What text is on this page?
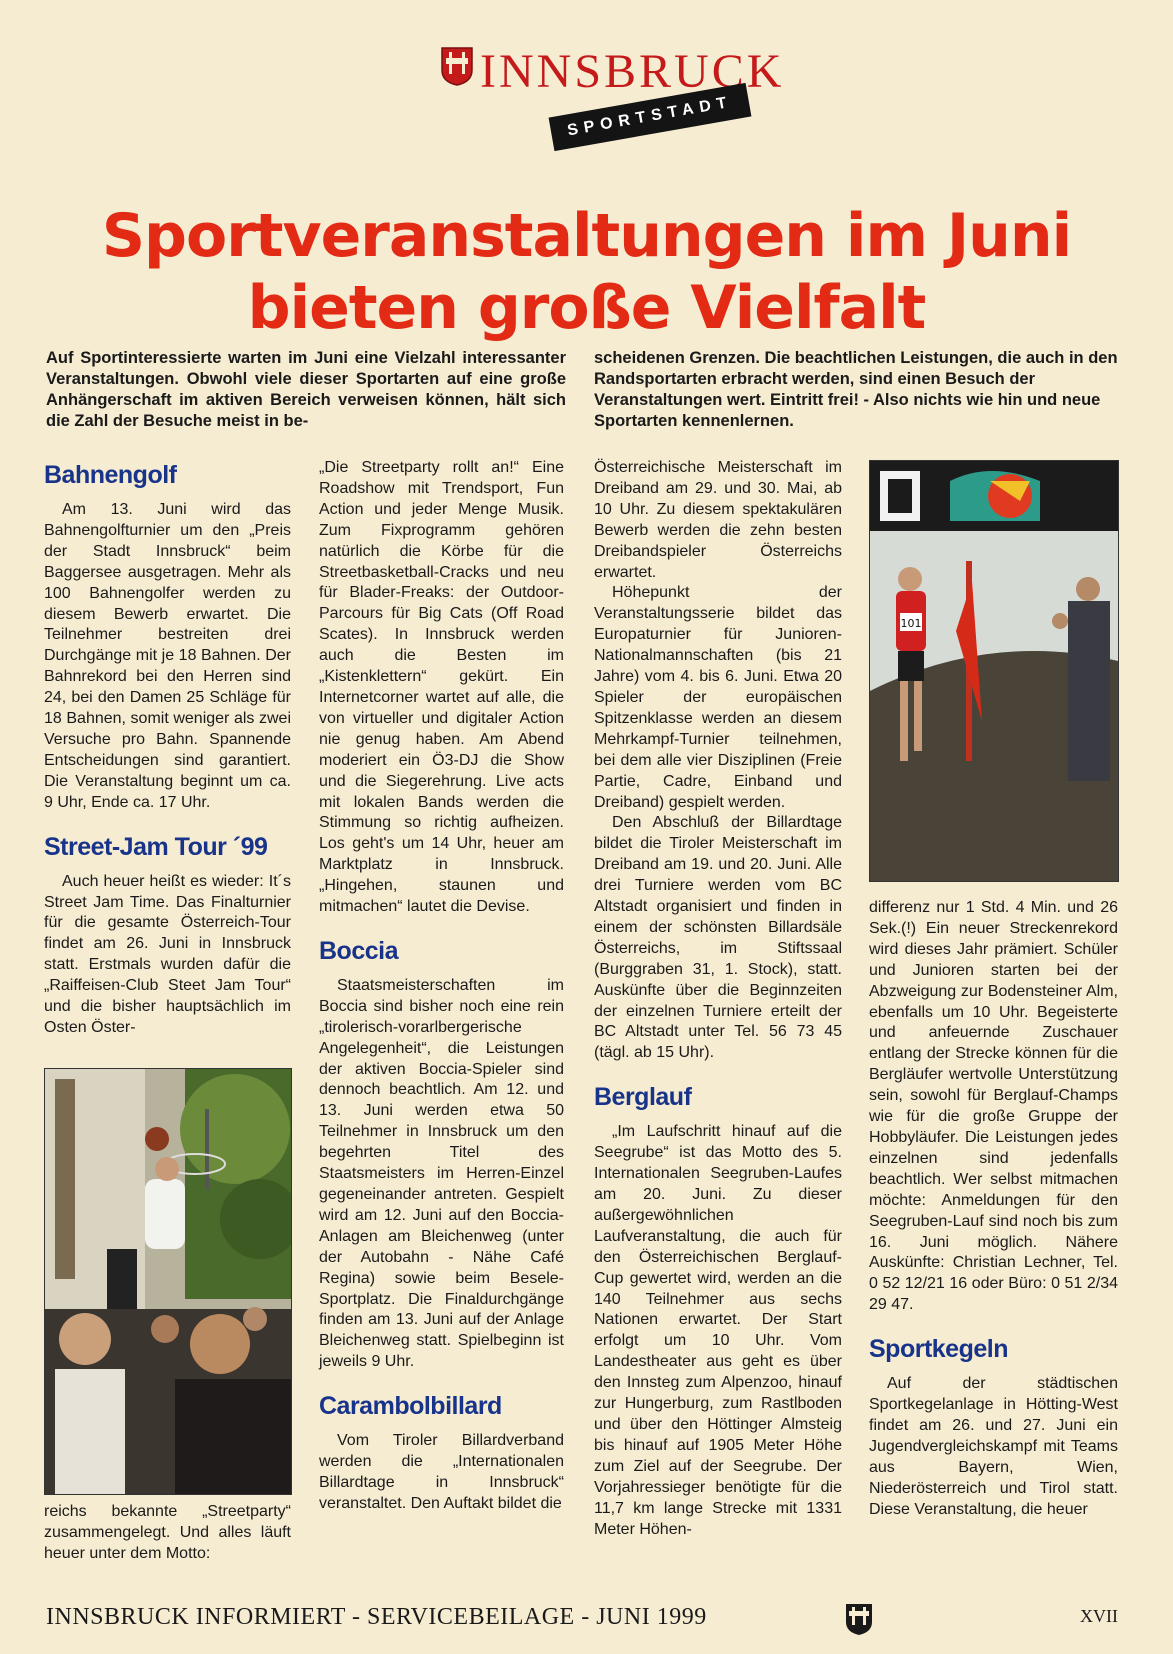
INNSBRUCK
SPORTSTADT
Sportveranstaltungen im Juni
bieten große Vielfalt

Auf Sportinteressierte warten im Juni eine Vielzahl interessanter Veranstaltungen. Obwohl viele dieser Sportarten auf eine große Anhängerschaft im aktiven Bereich verweisen können, hält sich die Zahl der Besuche meist in be-

scheidenen Grenzen. Die beachtlichen Leistungen, die auch in den Randsportarten erbracht werden, sind einen Besuch der Veranstaltungen wert. Eintritt frei! - Also nichts wie hin und neue Sportarten kennenlernen.

Bahnengolf

Am 13. Juni wird das Bahnengolfturnier um den „Preis der Stadt Innsbruck“ beim Baggersee ausgetragen. Mehr als 100 Bahnengolfer werden zu diesem Bewerb erwartet. Die Teilnehmer bestreiten drei Durchgänge mit je 18 Bahnen. Der Bahnrekord bei den Herren sind 24, bei den Damen 25 Schläge für 18 Bahnen, somit weniger als zwei Versuche pro Bahn. Spannende Entscheidungen sind garantiert. Die Veranstaltung beginnt um ca. 9 Uhr, Ende ca. 17 Uhr.

Street-Jam Tour ´99

Auch heuer heißt es wieder: It´s Street Jam Time. Das Finalturnier für die gesamte Österreich-Tour findet am 26. Juni in Innsbruck statt. Erstmals wurden dafür die „Raiffeisen-Club Steet Jam Tour“ und die bisher hauptsächlich im Osten Öster-

reichs bekannte „Streetparty“ zusammengelegt. Und alles läuft heuer unter dem Motto:

„Die Streetparty rollt an!“ Eine Roadshow mit Trendsport, Fun Action und jeder Menge Musik. Zum Fixprogramm gehören natürlich die Körbe für die Streetbasketball-Cracks und neu für Blader-Freaks: der Outdoor-Parcours für Big Cats (Off Road Scates). In Innsbruck werden auch die Besten im „Kistenklettern“ gekürt. Ein Internetcorner wartet auf alle, die von virtueller und digitaler Action nie genug haben. Am Abend moderiert ein Ö3-DJ die Show und die Siegerehrung. Live acts mit lokalen Bands werden die Stimmung so richtig aufheizen. Los geht's um 14 Uhr, heuer am Marktplatz in Innsbruck. „Hingehen, staunen und mitmachen“ lautet die Devise.

Boccia

Staatsmeisterschaften im Boccia sind bisher noch eine rein „tirolerisch-vorarlbergerische Angelegenheit“, die Leistungen der aktiven Boccia-Spieler sind dennoch beachtlich. Am 12. und 13. Juni werden etwa 50 Teilnehmer in Innsbruck um den begehrten Titel des Staatsmeisters im Herren-Einzel gegeneinander antreten. Gespielt wird am 12. Juni auf den Boccia-Anlagen am Bleichenweg (unter der Autobahn - Nähe Café Regina) sowie beim Besele-Sportplatz. Die Finaldurchgänge finden am 13. Juni auf der Anlage Bleichenweg statt. Spielbeginn ist jeweils 9 Uhr.

Carambolbillard

Vom Tiroler Billardverband werden die „Internationalen Billardtage in Innsbruck“ veranstaltet. Den Auftakt bildet die

Österreichische Meisterschaft im Dreiband am 29. und 30. Mai, ab 10 Uhr. Zu diesem spektakulären Bewerb werden die zehn besten Dreibandspieler Österreichs erwartet.

Höhepunkt der Veranstaltungsserie bildet das Europaturnier für Junioren-Nationalmannschaften (bis 21 Jahre) vom 4. bis 6. Juni. Etwa 20 Spieler der europäischen Spitzenklasse werden an diesem Mehrkampf-Turnier teilnehmen, bei dem alle vier Disziplinen (Freie Partie, Cadre, Einband und Dreiband) gespielt werden.

Den Abschluß der Billardtage bildet die Tiroler Meisterschaft im Dreiband am 19. und 20. Juni. Alle drei Turniere werden vom BC Altstadt organisiert und finden in einem der schönsten Billardsäle Österreichs, im Stiftssaal (Burggraben 31, 1. Stock), statt. Auskünfte über die Beginnzeiten der einzelnen Turniere erteilt der BC Altstadt unter Tel. 56 73 45 (tägl. ab 15 Uhr).

Berglauf

„Im Laufschritt hinauf auf die Seegrube“ ist das Motto des 5. Internationalen Seegruben-Laufes am 20. Juni. Zu dieser außergewöhnlichen Laufveranstaltung, die auch für den Österreichischen Berglauf-Cup gewertet wird, werden an die 140 Teilnehmer aus sechs Nationen erwartet. Der Start erfolgt um 10 Uhr. Vom Landestheater aus geht es über den Innsteg zum Alpenzoo, hinauf zur Hungerburg, zum Rastlboden und über den Höttinger Almsteig bis hinauf auf 1905 Meter Höhe zum Ziel auf der Seegrube. Der Vorjahressieger benötigte für die 11,7 km lange Strecke mit 1331 Meter Höhen-

101

differenz nur 1 Std. 4 Min. und 26 Sek.(!) Ein neuer Streckenrekord wird dieses Jahr prämiert. Schüler und Junioren starten bei der Abzweigung zur Bodensteiner Alm, ebenfalls um 10 Uhr. Begeisterte und anfeuernde Zuschauer entlang der Strecke können für die Bergläufer wertvolle Unterstützung sein, sowohl für Berglauf-Champs wie für die große Gruppe der Hobbyläufer. Die Leistungen jedes einzelnen sind jedenfalls beachtlich. Wer selbst mitmachen möchte: Anmeldungen für den Seegruben-Lauf sind noch bis zum 16. Juni möglich. Nähere Auskünfte: Christian Lechner, Tel. 0 52 12/21 16 oder Büro: 0 51 2/34 29 47.

Sportkegeln

Auf der städtischen Sportkegelanlage in Hötting-West findet am 26. und 27. Juni ein Jugendvergleichskampf mit Teams aus Bayern, Wien, Niederösterreich und Tirol statt. Diese Veranstaltung, die heuer

INNSBRUCK INFORMIERT - SERVICEBEILAGE - JUNI 1999	XVII
